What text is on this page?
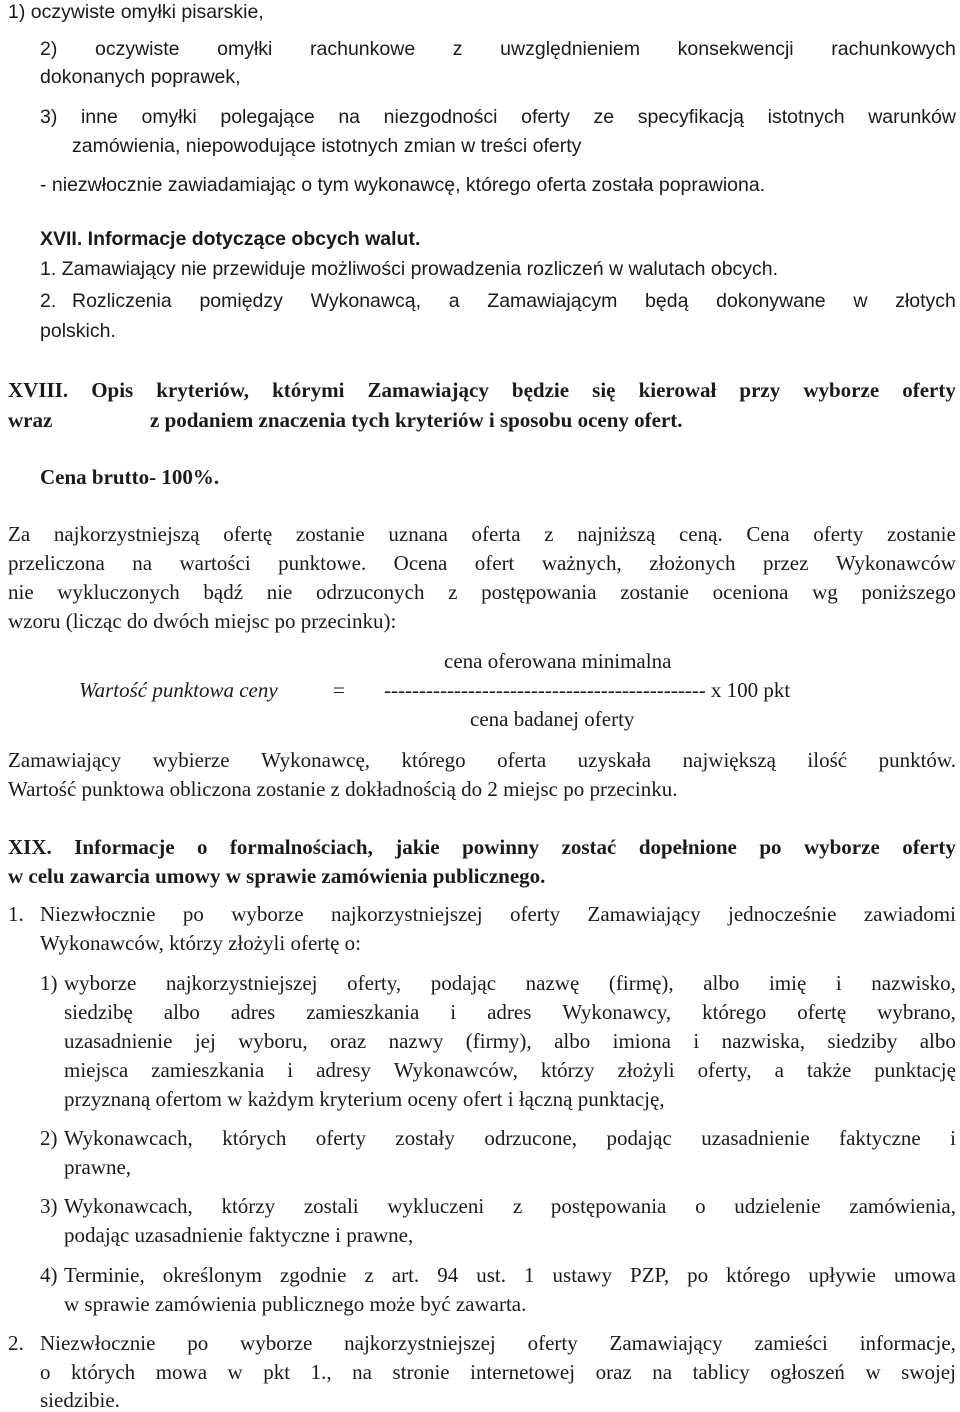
1) oczywiste omyłki pisarskie,
2) oczywiste omyłki rachunkowe z uwzględnieniem konsekwencji rachunkowych
dokonanych poprawek,
3) inne omyłki polegające na niezgodności oferty ze specyfikacją istotnych warunków
zamówienia, niepowodujące istotnych zmian w treści oferty
- niezwłocznie zawiadamiając o tym wykonawcę, którego oferta została poprawiona.
XVII. Informacje dotyczące obcych walut.
1. Zamawiający nie przewiduje możliwości prowadzenia rozliczeń w walutach obcych.
2. Rozliczenia pomiędzy Wykonawcą, a Zamawiającym będą dokonywane w złotych
polskich.
XVIII. Opis kryteriów, którymi Zamawiający będzie się kierował przy wyborze oferty
wraz	z podaniem znaczenia tych kryteriów i sposobu oceny ofert.
Cena brutto- 100%.
Za najkorzystniejszą ofertę zostanie uznana oferta z najniższą ceną. Cena oferty zostanie
przeliczona na wartości punktowe. Ocena ofert ważnych, złożonych przez Wykonawców
nie wykluczonych bądź nie odrzuconych z postępowania zostanie oceniona wg poniższego
wzoru (licząc do dwóch miejsc po przecinku):
cena oferowana minimalna
Wartość punktowa ceny	= ---------------------------------------------- x 100 pkt
cena badanej oferty
Zamawiający wybierze Wykonawcę, którego oferta uzyskała największą ilość punktów.
Wartość punktowa obliczona zostanie z dokładnością do 2 miejsc po przecinku.
XIX. Informacje o formalnościach, jakie powinny zostać dopełnione po wyborze oferty
w celu zawarcia umowy w sprawie zamówienia publicznego.
1. Niezwłocznie po wyborze najkorzystniejszej oferty Zamawiający jednocześnie zawiadomi
Wykonawców, którzy złożyli ofertę o:
1) wyborze najkorzystniejszej oferty, podając nazwę (firmę), albo imię i nazwisko,
siedzibę albo adres zamieszkania i adres Wykonawcy, którego ofertę wybrano,
uzasadnienie jej wyboru, oraz nazwy (firmy), albo imiona i nazwiska, siedziby albo
miejsca zamieszkania i adresy Wykonawców, którzy złożyli oferty, a także punktację
przyznaną ofertom w każdym kryterium oceny ofert i łączną punktację,
2) Wykonawcach, których oferty zostały odrzucone, podając uzasadnienie faktyczne i
prawne,
3) Wykonawcach, którzy zostali wykluczeni z postępowania o udzielenie zamówienia,
podając uzasadnienie faktyczne i prawne,
4) Terminie, określonym zgodnie z art. 94 ust. 1 ustawy PZP, po którego upływie umowa
w sprawie zamówienia publicznego może być zawarta.
2. Niezwłocznie po wyborze najkorzystniejszej oferty Zamawiający zamieści informacje,
o których mowa w pkt 1., na stronie internetowej oraz na tablicy ogłoszeń w swojej
siedzibie.
